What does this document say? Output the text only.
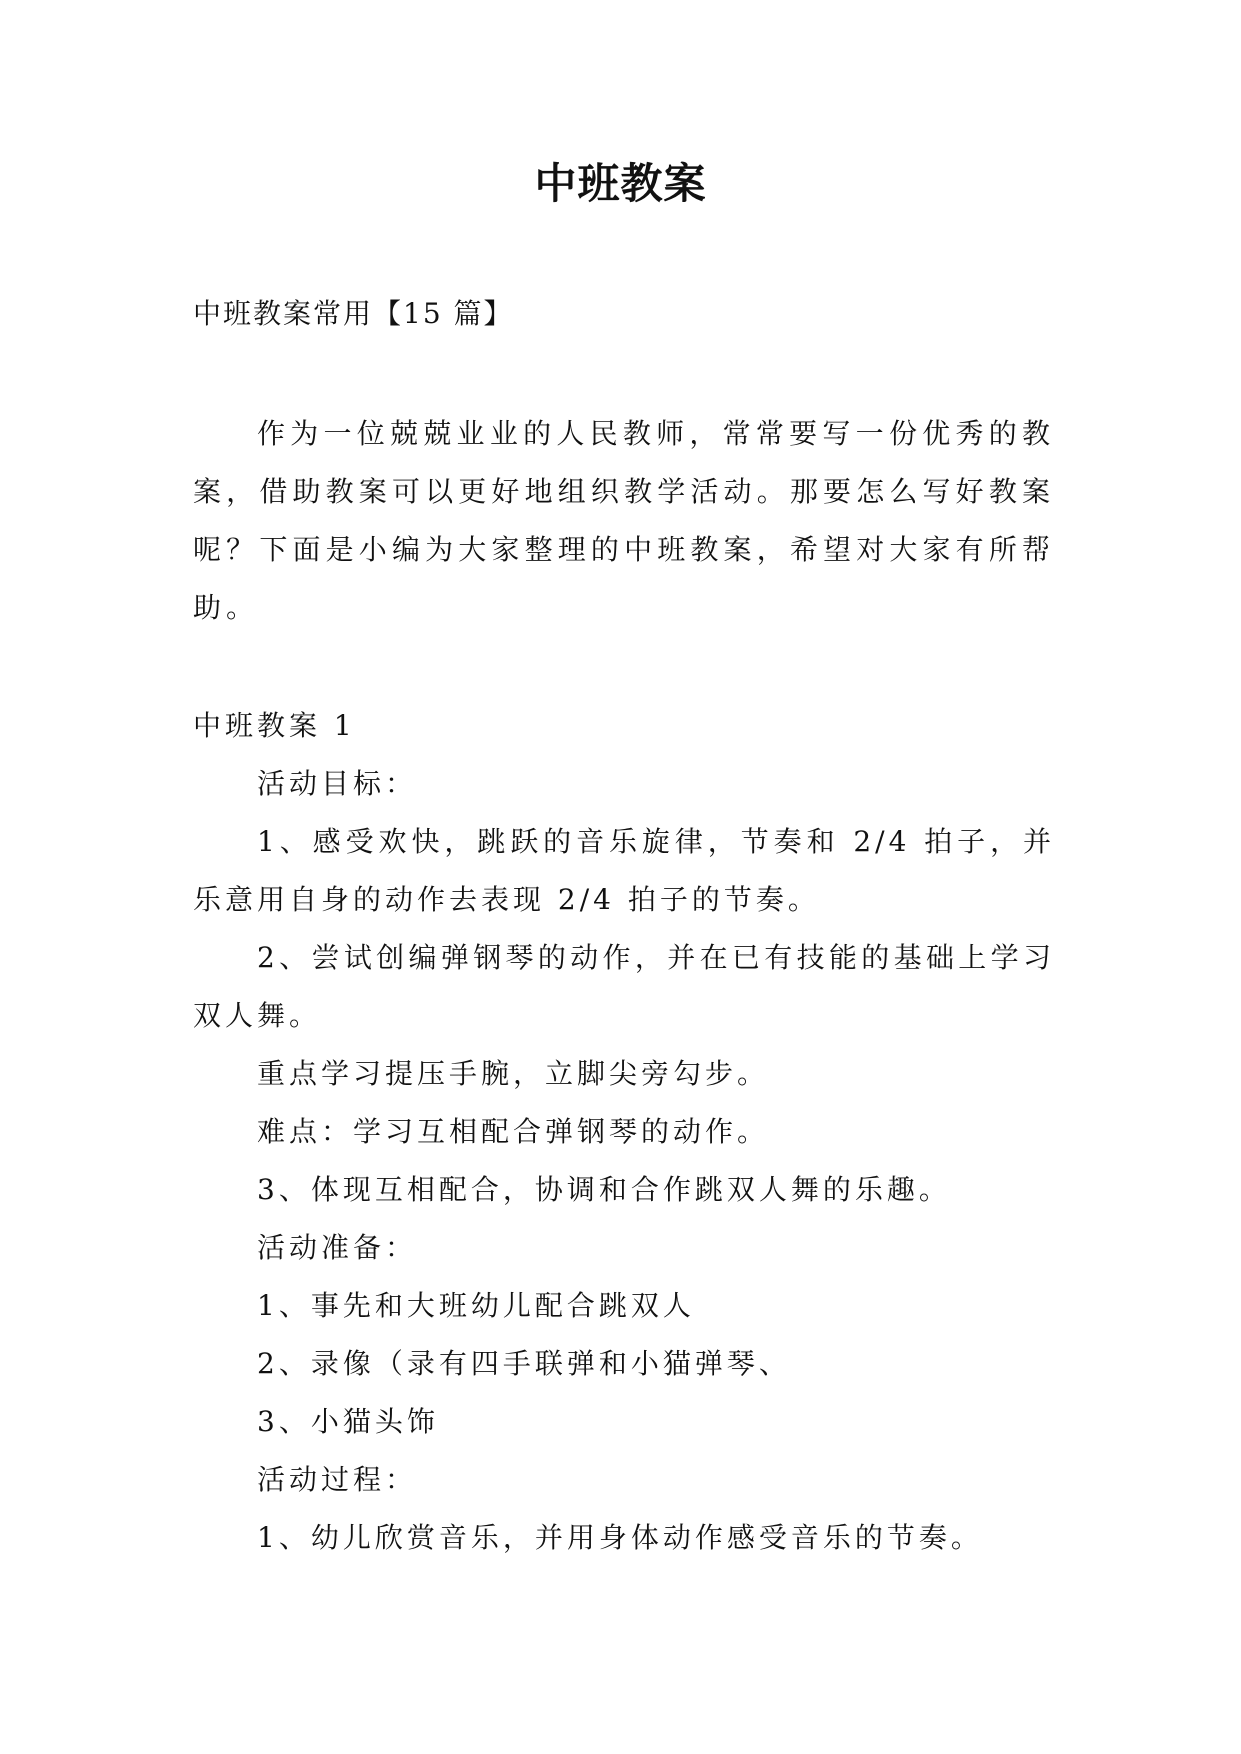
中班教案
中班教案常用【15 篇】

作为一位兢兢业业的人民教师，常常要写一份优秀的教案，借助教案可以更好地组织教学活动。那要怎么写好教案呢？下面是小编为大家整理的中班教案，希望对大家有所帮助。

中班教案 1

活动目标：

1、感受欢快，跳跃的音乐旋律，节奏和 2/4 拍子，并乐意用自身的动作去表现 2/4 拍子的节奏。

2、尝试创编弹钢琴的动作，并在已有技能的基础上学习双人舞。

重点学习提压手腕，立脚尖旁勾步。

难点：学习互相配合弹钢琴的动作。

3、体现互相配合，协调和合作跳双人舞的乐趣。

活动准备：

1、事先和大班幼儿配合跳双人

2、录像（录有四手联弹和小猫弹琴、

3、小猫头饰

活动过程：

1、幼儿欣赏音乐，并用身体动作感受音乐的节奏。
